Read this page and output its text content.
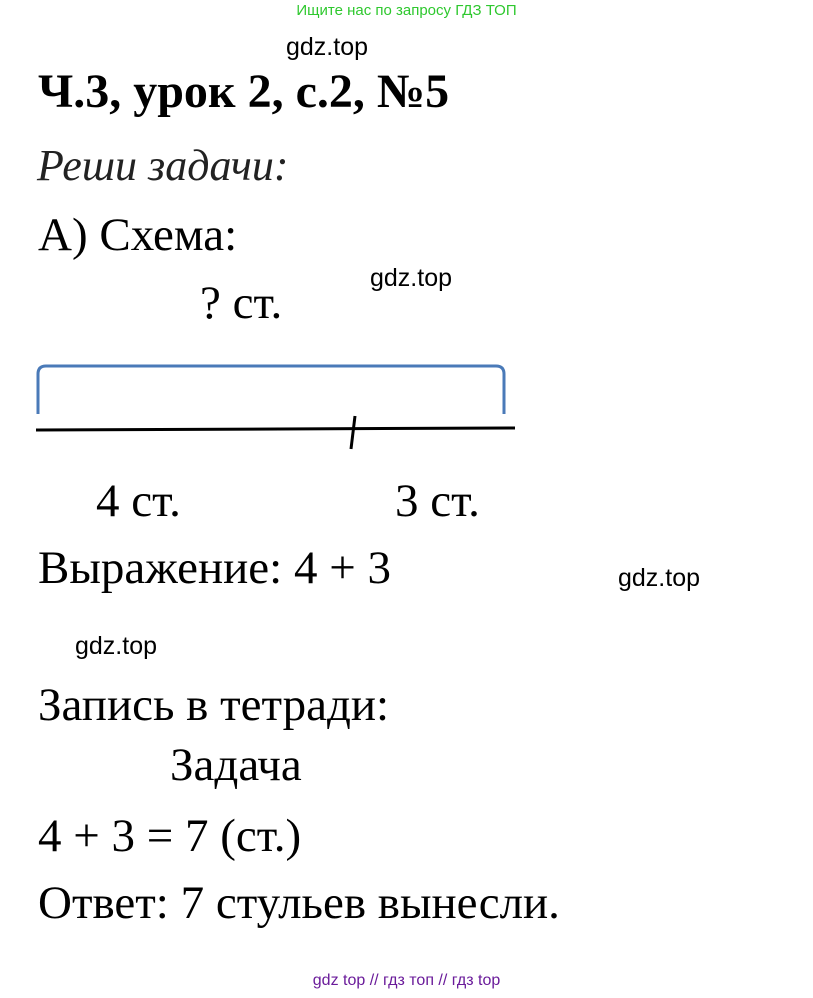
Ищите нас по запросу ГДЗ ТОП
gdz.top
gdz.top
gdz.top
gdz.top
Ч.3, урок 2, с.2, №5
Реши задачи:
А) Схема:
? ст.
4 ст.	3 ст.
Выражение: 4 + 3
Запись в тетради:
Задача
4 + 3 = 7 (ст.)
Ответ: 7 стульев вынесли.
gdz top // гдз топ // гдз top
